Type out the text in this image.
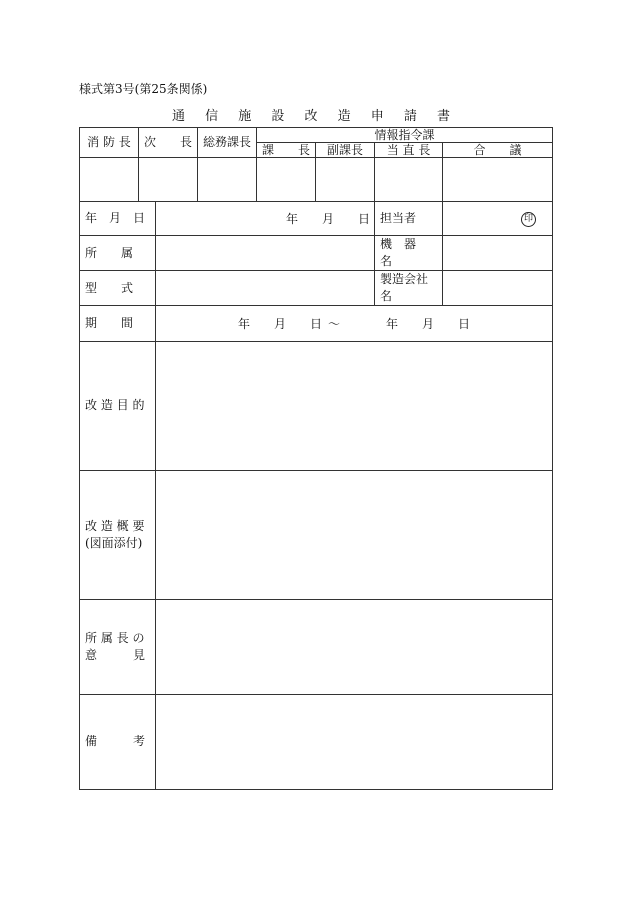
様式第3号(第25条関係)
通 信 施 設 改 造 申 請 書
消 防 長	次　　長		総務課長	情報指令課			
				課　　長	副課長	当 直 長	合　　議

年　月　日		年　　月　　日				担当者	印
所　　属						機　器　名	
型　　式						製造会社名	
期　　間		年　　月　　日 〜 年　　月　　日					

改 造 目 的							

改 造 概 要
(図面添付)							

所 属 長 の
意　　　見							

備　　　考							
